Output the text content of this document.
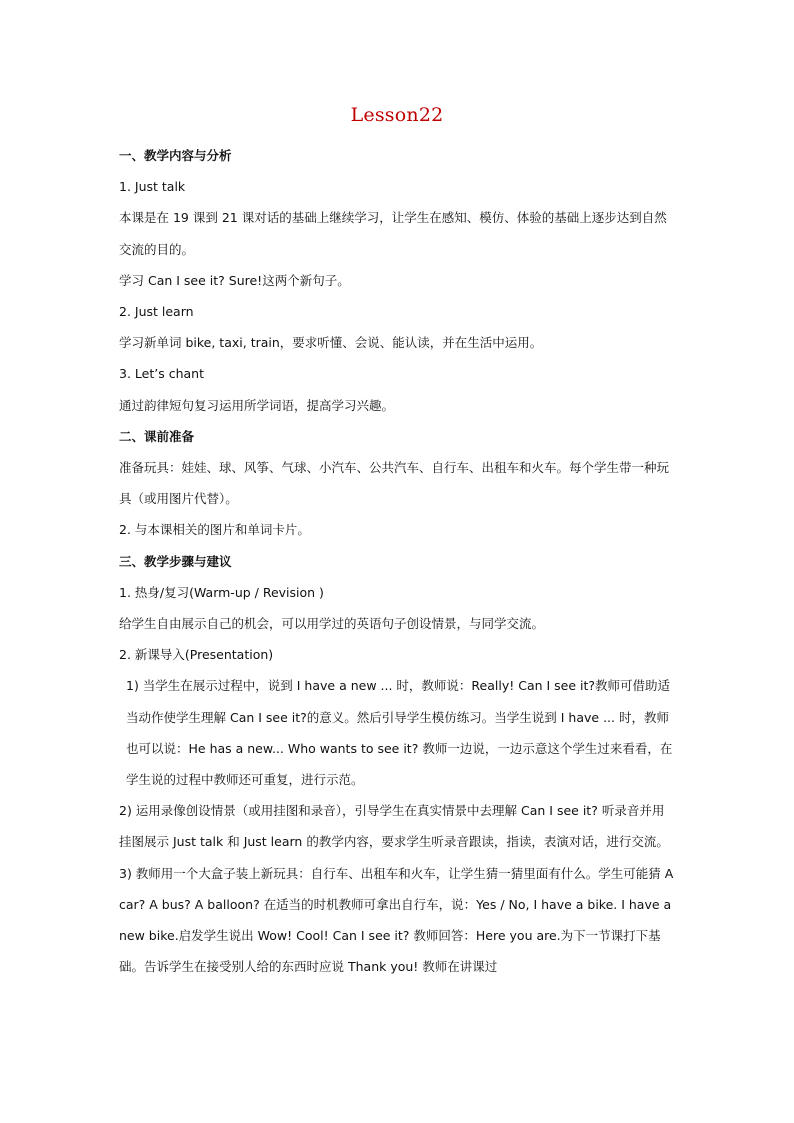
Lesson22

一、教学内容与分析

1. Just talk

本课是在 19 课到 21 课对话的基础上继续学习，让学生在感知、模仿、体验的基础上逐步达到自然交流的目的。

学习 Can I see it? Sure!这两个新句子。

2. Just learn

学习新单词 bike, taxi, train，要求听懂、会说、能认读，并在生活中运用。

3. Let’s chant

通过韵律短句复习运用所学词语，提高学习兴趣。

二、课前准备

准备玩具：娃娃、球、风筝、气球、小汽车、公共汽车、自行车、出租车和火车。每个学生带一种玩具（或用图片代替）。

2. 与本课相关的图片和单词卡片。

三、教学步骤与建议

1. 热身/复习(Warm-up / Revision )

给学生自由展示自己的机会，可以用学过的英语句子创设情景，与同学交流。

2. 新课导入(Presentation)

1) 当学生在展示过程中，说到 I have a new ... 时，教师说：Really! Can I see it?教师可借助适当动作使学生理解 Can I see it?的意义。然后引导学生模仿练习。当学生说到 I have ... 时，教师也可以说：He has a new... Who wants to see it? 教师一边说，一边示意这个学生过来看看，在学生说的过程中教师还可重复，进行示范。

2) 运用录像创设情景（或用挂图和录音），引导学生在真实情景中去理解 Can I see it? 听录音并用挂图展示 Just talk 和 Just learn 的教学内容，要求学生听录音跟读，指读，表演对话，进行交流。

3) 教师用一个大盒子装上新玩具：自行车、出租车和火车，让学生猜一猜里面有什么。学生可能猜 A car? A bus? A balloon? 在适当的时机教师可拿出自行车，说：Yes / No, I have a bike. I have a new bike.启发学生说出 Wow! Cool! Can I see it? 教师回答：Here you are.为下一节课打下基础。告诉学生在接受别人给的东西时应说 Thank you! 教师在讲课过
